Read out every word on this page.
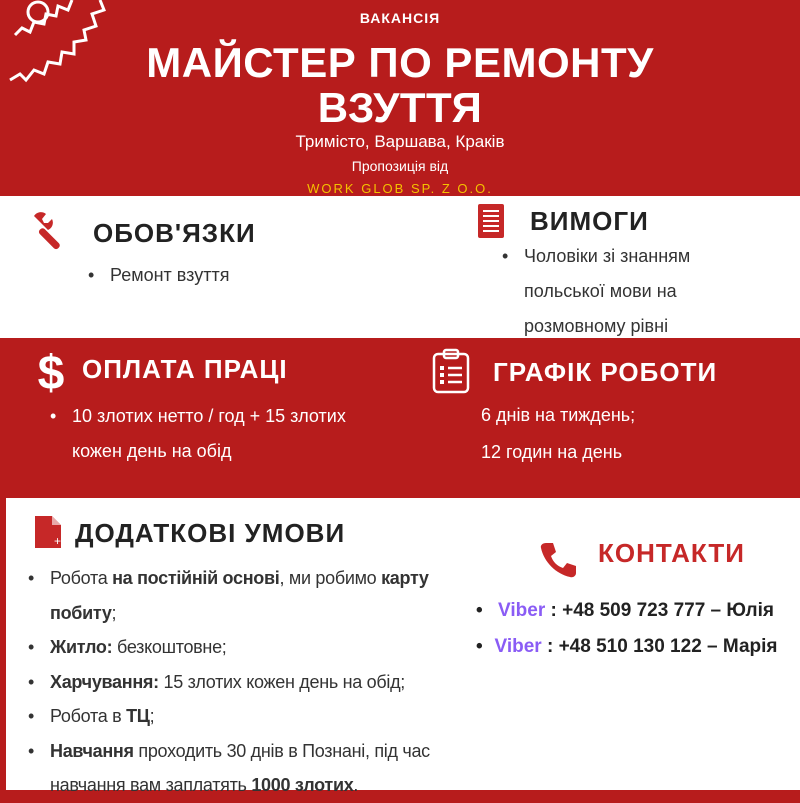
ВАКАНСІЯ
МАЙСТЕР ПО РЕМОНТУ
ВЗУТТЯ
Тримісто, Варшава, Краків
Пропозиція від
WORK GLOB SP. Z O.O.
ОБОВ'ЯЗКИ
• Ремонт взуття
ВИМОГИ
• Чоловіки зі знанням польської мови на розмовному рівні
$ ОПЛАТА ПРАЦІ
• 10 злотих нетто / год + 15 злотих кожен день на обід
ГРАФІК РОБОТИ
6 днів на тиждень;
12 годин на день
+ ДОДАТКОВІ УМОВИ
• Робота на постійній основі, ми робимо карту побиту;
• Житло: безкоштовне;
• Харчування: 15 злотих кожен день на обід;
• Робота в ТЦ;
• Навчання проходить 30 днів в Познані, під час навчання вам заплатять 1000 злотих.
КОНТАКТИ
• Viber : +48 509 723 777 – Юлія
• Viber : +48 510 130 122 – Марія
